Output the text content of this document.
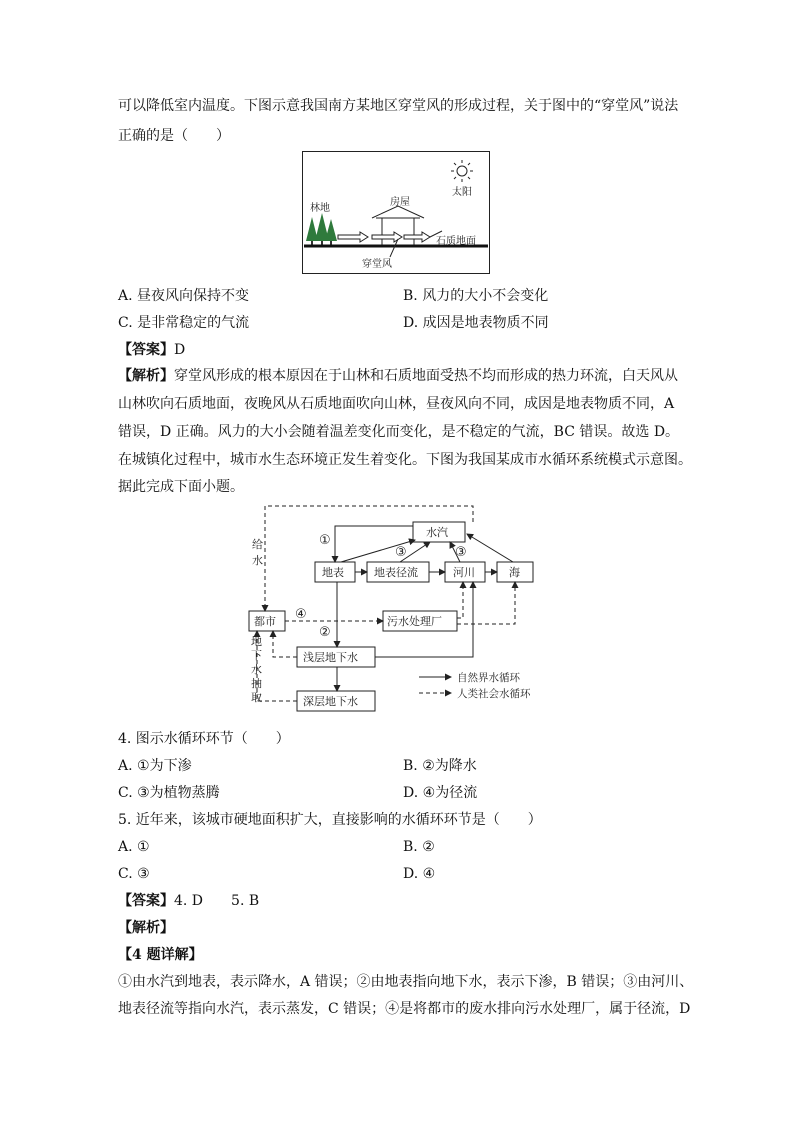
可以降低室内温度。下图示意我国南方某地区穿堂风的形成过程，关于图中的“穿堂风”说法
正确的是（　　）
太阳
林地
房屋
石质地面
穿堂风
A. 昼夜风向保持不变	B. 风力的大小不会变化
C. 是非常稳定的气流	D. 成因是地表物质不同
【答案】D
【解析】穿堂风形成的根本原因在于山林和石质地面受热不均而形成的热力环流，白天风从
山林吹向石质地面，夜晚风从石质地面吹向山林，昼夜风向不同，成因是地表物质不同，A
错误，D 正确。风力的大小会随着温差变化而变化，是不稳定的气流，BC 错误。故选 D。
在城镇化过程中，城市水生态环境正发生着变化。下图为我国某成市水循环系统模式示意图。
据此完成下面小题。
水汽
地表	地表径流	河川	海
都市	污水处理厂
浅层地下水
深层地下水
①
②
③	③
④
给
水
地
下
水
抽
取
自然界水循环
人类社会水循环
4. 图示水循环环节（　　）
A. ①为下渗	B. ②为降水
C. ③为植物蒸腾	D. ④为径流
5. 近年来，该城市硬地面积扩大，直接影响的水循环环节是（　　）
A. ①	B. ②
C. ③	D. ④
【答案】4. D　　5. B
【解析】
【4 题详解】
①由水汽到地表，表示降水，A 错误；②由地表指向地下水，表示下渗，B 错误；③由河川、
地表径流等指向水汽，表示蒸发，C 错误；④是将都市的废水排向污水处理厂，属于径流，D
